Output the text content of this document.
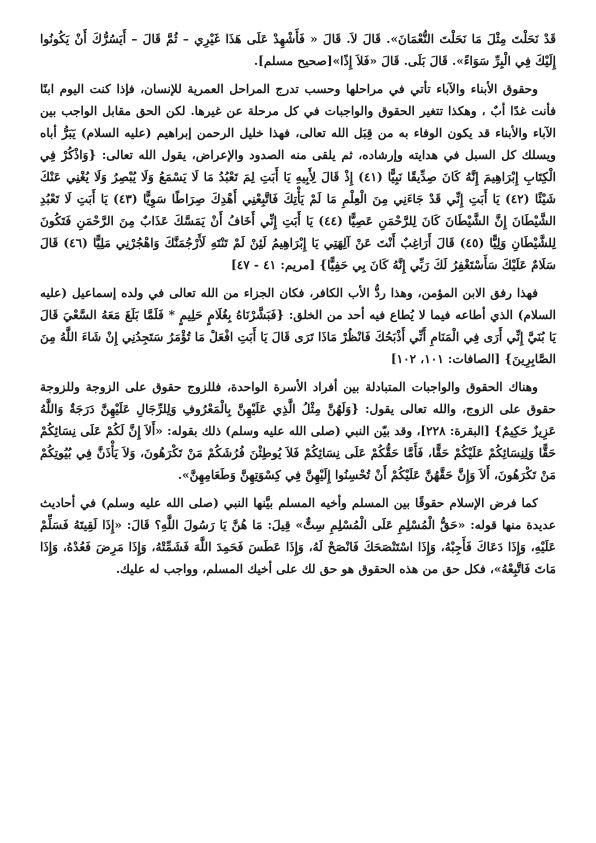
قَدْ نَحَلْتَ مِثْلَ مَا نَحَلْتَ النُّعْمَانَ». قَالَ لاَ. قَالَ « فَأَشْهِدْ عَلَى هَذَا غَيْرِي – ثُمَّ قَالَ – أَيَسُرُّكَ أَنْ يَكُونُوا إِلَيْكَ فِي الْبِرِّ سَوَاءً». قَالَ بَلَى. قَالَ «فَلاَ إِذًا»[صحيح مسلم].

وحقوق الأبناء والآباء تأتي في مراحلها وحسب تدرج المراحل العمرية للإنسان، فإذا كنت اليوم ابنًا فأنت غدًا أبٌ ، وهكذا تتغير الحقوق والواجبات في كل مرحلة عن غيرها. لكن الحق مقابل الواجب بين الآباء والأبناء قد يكون الوفاء به من قِبَل الله تعالى، فهذا خليل الرحمن إبراهيم (عليه السلام) يَبَرُّ أباه ويسلك كل السبل في هدايته وإرشاده، ثم يلقى منه الصدود والإعراض، يقول الله تعالى: {وَاذْكُرْ فِي الْكِتَابِ إِبْرَاهِيمَ إِنَّهُ كَانَ صِدِّيقًا نَبِيًّا (٤١) إِذْ قَالَ لِأَبِيهِ يَا أَبَتِ لِمَ تَعْبُدُ مَا لَا يَسْمَعُ وَلَا يُبْصِرُ وَلَا يُغْنِي عَنْكَ شَيْئًا (٤٢) يَا أَبَتِ إِنِّي قَدْ جَاءَنِي مِنَ الْعِلْمِ مَا لَمْ يَأْتِكَ فَاتَّبِعْنِي أَهْدِكَ صِرَاطًا سَوِيًّا (٤٣) يَا أَبَتِ لَا تَعْبُدِ الشَّيْطَانَ إِنَّ الشَّيْطَانَ كَانَ لِلرَّحْمَنِ عَصِيًّا (٤٤) يَا أَبَتِ إِنِّي أَخَافُ أَنْ يَمَسَّكَ عَذَابٌ مِنَ الرَّحْمَنِ فَتَكُونَ لِلشَّيْطَانِ وَلِيًّا (٤٥) قَالَ أَرَاغِبٌ أَنْتَ عَنْ آلِهَتِي يَا إِبْرَاهِيمُ لَئِنْ لَمْ تَنْتَهِ لَأَرْجُمَنَّكَ وَاهْجُرْنِي مَلِيًّا (٤٦) قَالَ سَلَامٌ عَلَيْكَ سَأَسْتَغْفِرُ لَكَ رَبِّي إِنَّهُ كَانَ بِي حَفِيًّا} [مريم: ٤١ - ٤٧]

فهذا رفق الابن المؤمن، وهذا ردُّ الأب الكافر، فكان الجزاء من الله تعالى في ولده إسماعيل (عليه السلام) الذي أطاعه فيما لا يُطاع فيه أحد من الخلق: {فَبَشَّرْنَاهُ بِغُلَامٍ حَلِيمٍ * فَلَمَّا بَلَغَ مَعَهُ السَّعْيَ قَالَ يَا بُنَيَّ إِنِّي أَرَى فِي الْمَنَامِ أَنِّي أَذْبَحُكَ فَانْظُرْ مَاذَا تَرَى قَالَ يَا أَبَتِ افْعَلْ مَا تُؤْمَرُ سَتَجِدُنِي إِنْ شَاءَ اللَّهُ مِنَ الصَّابِرِينَ} [الصافات: ١٠١، ١٠٢]

وهناك الحقوق والواجبات المتبادلة بين أفراد الأسرة الواحدة، فللزوج حقوق على الزوجة وللزوجة حقوق على الزوج، والله تعالى يقول: {وَلَهُنَّ مِثْلُ الَّذِي عَلَيْهِنَّ بِالْمَعْرُوفِ وَلِلرِّجَالِ عَلَيْهِنَّ دَرَجَةٌ وَاللَّهُ عَزِيزٌ حَكِيمٌ} [البقرة: ٢٢٨]، وقد بيّن النبي (صلى الله عليه وسلم) ذلك بقوله: «أَلاَ إِنَّ لَكُمْ عَلَى نِسَائِكُمْ حَقًّا وَلِنِسَائِكُمْ عَلَيْكُمْ حَقًّا، فَأَمَّا حَقُّكُمْ عَلَى نِسَائِكُمْ فَلاَ يُوطِئْنَ فُرُشَكُمْ مَنْ تَكْرَهُونَ، وَلاَ يَأْذَنَّ فِي بُيُوتِكُمْ مَنْ تَكْرَهُونَ، أَلاَ وَإِنَّ حَقَّهُنَّ عَلَيْكُمْ أَنْ تُحْسِنُوا إِلَيْهِنَّ فِي كِسْوَتِهِنَّ وَطَعَامِهِنَّ».

كما فرض الإسلام حقوقًا بين المسلم وأخيه المسلم بيَّنها النبي (صلى الله عليه وسلم) في أحاديث عديدة منها قوله: «حَقُّ الْمُسْلِمِ عَلَى الْمُسْلِمِ سِتٌّ» قِيلَ: مَا هُنَّ يَا رَسُولَ اللَّهِ؟ قَالَ: «إِذَا لَقِيتَهُ فَسَلِّمْ عَلَيْهِ، وَإِذَا دَعَاكَ فَأَجِبْهُ، وَإِذَا اسْتَنْصَحَكَ فَانْصَحْ لَهُ، وَإِذَا عَطَسَ فَحَمِدَ اللَّهَ فَشَمِّتْهُ، وَإِذَا مَرِضَ فَعُدْهُ، وَإِذَا مَاتَ فَاتَّبِعْهُ»، فكل حق من هذه الحقوق هو حق لك على أخيك المسلم، وواجب له عليك.
